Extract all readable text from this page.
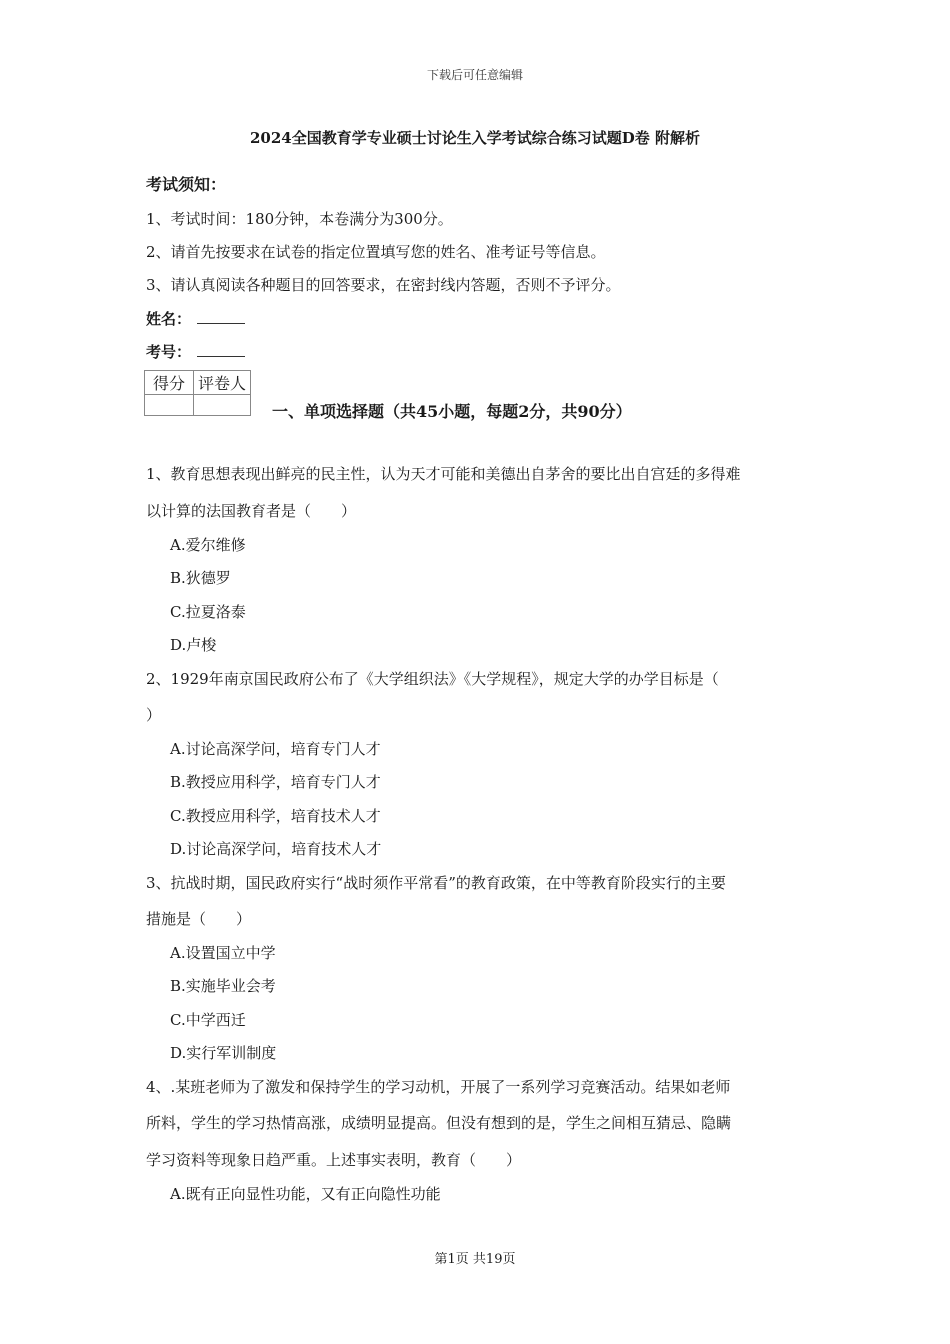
下载后可任意编辑
2024全国教育学专业硕士讨论生入学考试综合练习试题D卷 附解析
考试须知：
1、考试时间：180分钟，本卷满分为300分。
2、请首先按要求在试卷的指定位置填写您的姓名、准考证号等信息。
3、请认真阅读各种题目的回答要求，在密封线内答题，否则不予评分。
姓名：
考号：
得分	评卷人

一、单项选择题（共45小题，每题2分，共90分）
1、教育思想表现出鲜亮的民主性，认为天才可能和美德出自茅舍的要比出自宫廷的多得难
以计算的法国教育者是（　　）
A.爱尔维修
B.狄德罗
C.拉夏洛泰
D.卢梭
2、1929年南京国民政府公布了《大学组织法》《大学规程》，规定大学的办学目标是（
）
A.讨论高深学问，培育专门人才
B.教授应用科学，培育专门人才
C.教授应用科学，培育技术人才
D.讨论高深学问，培育技术人才
3、抗战时期，国民政府实行“战时须作平常看”的教育政策，在中等教育阶段实行的主要
措施是（　　）
A.设置国立中学
B.实施毕业会考
C.中学西迁
D.实行军训制度
4、.某班老师为了激发和保持学生的学习动机，开展了一系列学习竞赛活动。结果如老师
所料，学生的学习热情高涨，成绩明显提高。但没有想到的是，学生之间相互猜忌、隐瞒
学习资料等现象日趋严重。上述事实表明，教育（　　）
A.既有正向显性功能，又有正向隐性功能
第1页 共19页
